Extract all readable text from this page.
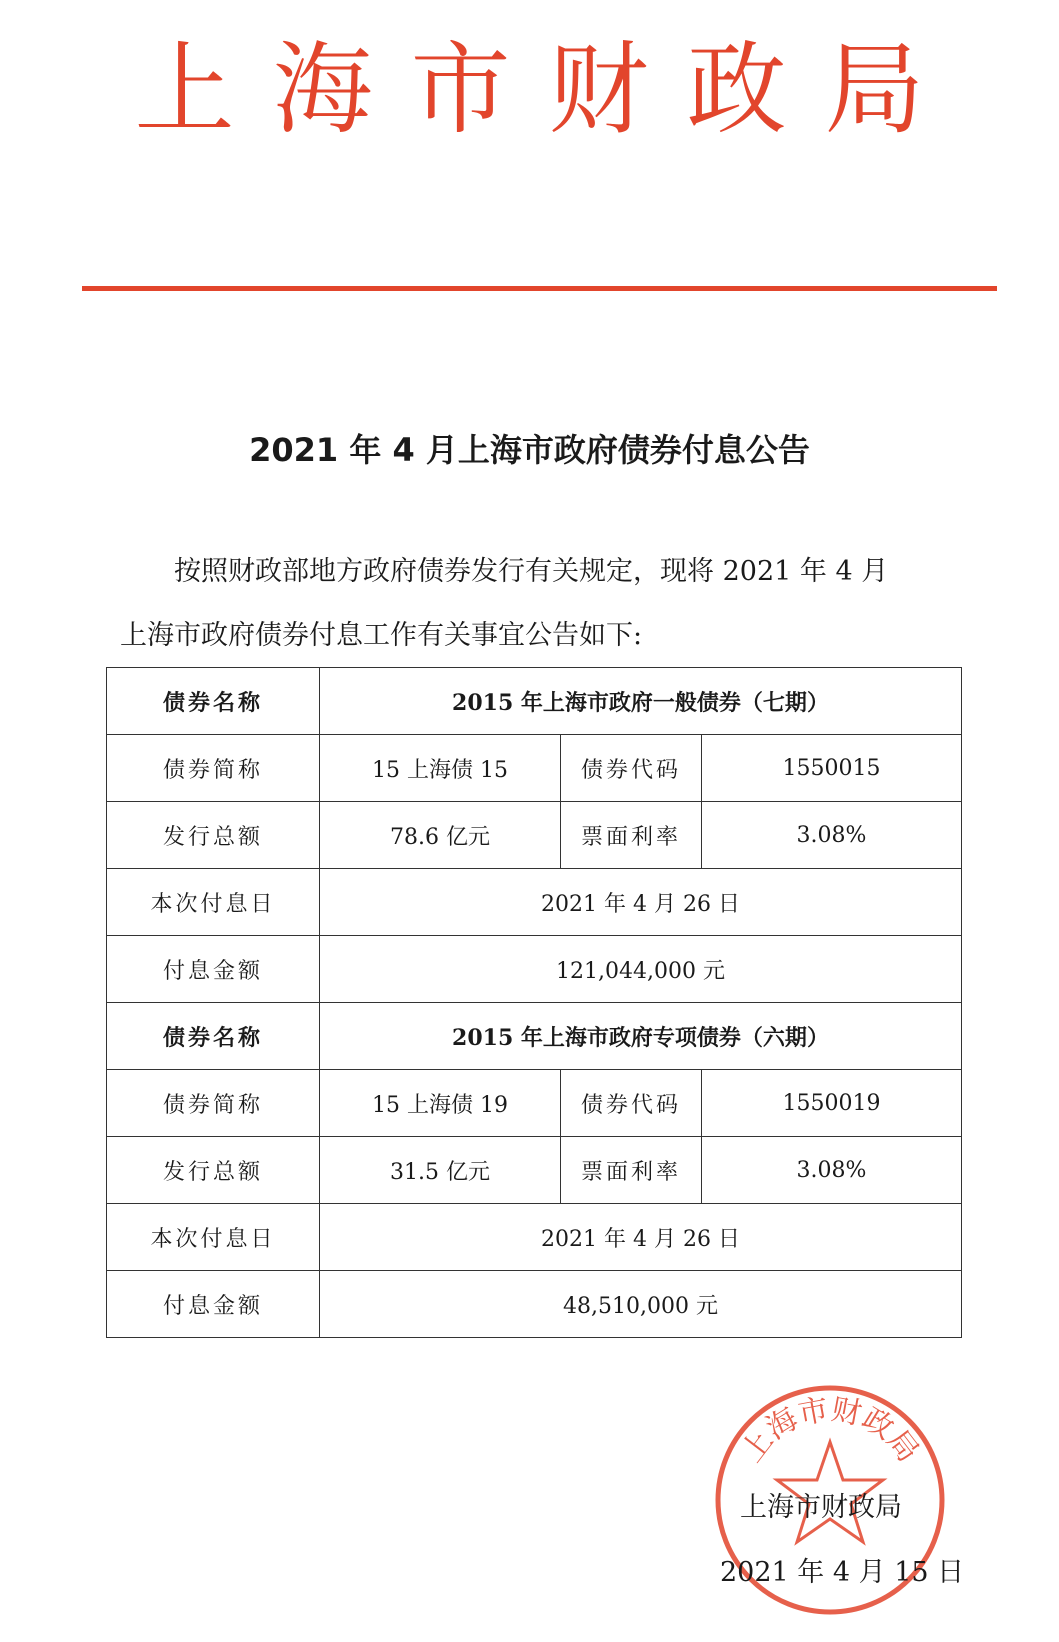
上海市财政局
2021 年 4 月上海市政府债券付息公告
按照财政部地方政府债券发行有关规定，现将 2021 年 4 月
上海市政府债券付息工作有关事宜公告如下:
债券名称	2015 年上海市政府一般债券（七期）		
债券简称	15 上海债 15	债券代码	1550015
发行总额	78.6 亿元	票面利率	3.08%
本次付息日	2021 年 4 月 26 日		
付息金额	121,044,000 元		
债券名称	2015 年上海市政府专项债券（六期）		
债券简称	15 上海债 19	债券代码	1550019
发行总额	31.5 亿元	票面利率	3.08%
本次付息日	2021 年 4 月 26 日		
付息金额	48,510,000 元		
上海市财政局
上海市财政局
2021 年 4 月 15 日
